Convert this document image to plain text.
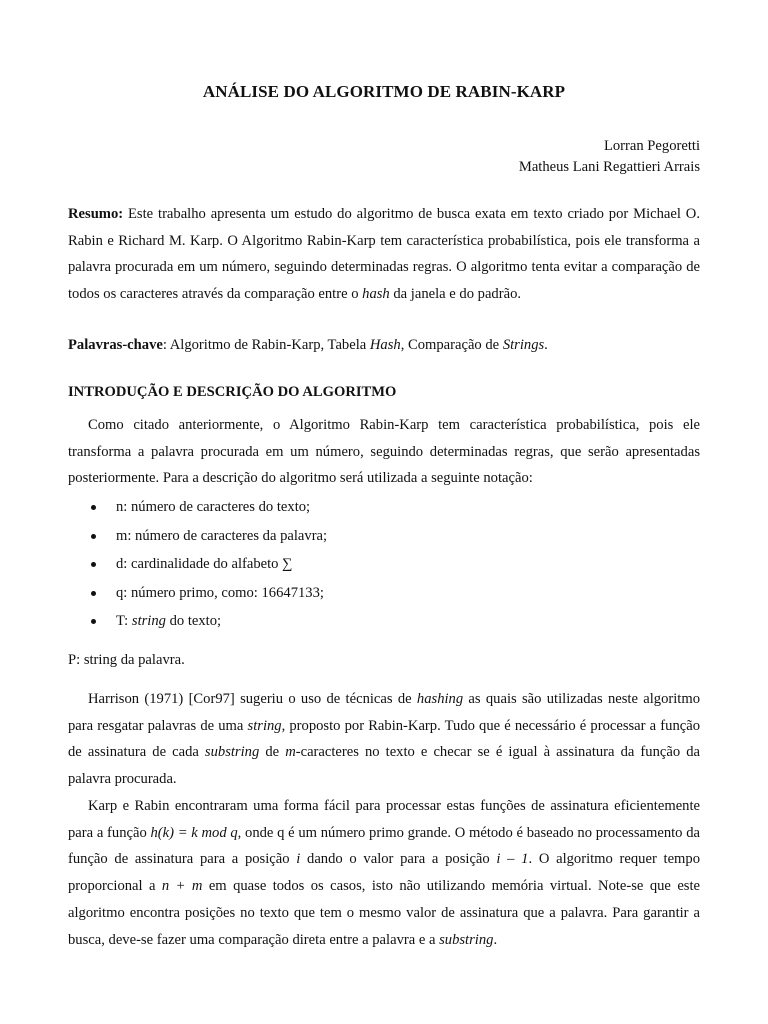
ANÁLISE DO ALGORITMO DE RABIN-KARP
Lorran Pegoretti
Matheus Lani Regattieri Arrais

Resumo: Este trabalho apresenta um estudo do algoritmo de busca exata em texto criado por Michael O. Rabin e Richard M. Karp. O Algoritmo Rabin-Karp tem característica probabilística, pois ele transforma a palavra procurada em um número, seguindo determinadas regras. O algoritmo tenta evitar a comparação de todos os caracteres através da comparação entre o hash da janela e do padrão.

Palavras-chave: Algoritmo de Rabin-Karp, Tabela Hash, Comparação de Strings.

INTRODUÇÃO E DESCRIÇÃO DO ALGORITMO

Como citado anteriormente, o Algoritmo Rabin-Karp tem característica probabilística, pois ele transforma a palavra procurada em um número, seguindo determinadas regras, que serão apresentadas posteriormente. Para a descrição do algoritmo será utilizada a seguinte notação:

n: número de caracteres do texto;
m: número de caracteres da palavra;
d: cardinalidade do alfabeto ∑
q: número primo, como: 16647133;
T: string do texto;

P: string da palavra.

Harrison (1971) [Cor97] sugeriu o uso de técnicas de hashing as quais são utilizadas neste algoritmo para resgatar palavras de uma string, proposto por Rabin-Karp. Tudo que é necessário é processar a função de assinatura de cada substring de m-caracteres no texto e checar se é igual à assinatura da função da palavra procurada.

Karp e Rabin encontraram uma forma fácil para processar estas funções de assinatura eficientemente para a função h(k) = k mod q, onde q é um número primo grande. O método é baseado no processamento da função de assinatura para a posição i dando o valor para a posição i – 1. O algoritmo requer tempo proporcional a n + m em quase todos os casos, isto não utilizando memória virtual. Note-se que este algoritmo encontra posições no texto que tem o mesmo valor de assinatura que a palavra. Para garantir a busca, deve-se fazer uma comparação direta entre a palavra e a substring.
